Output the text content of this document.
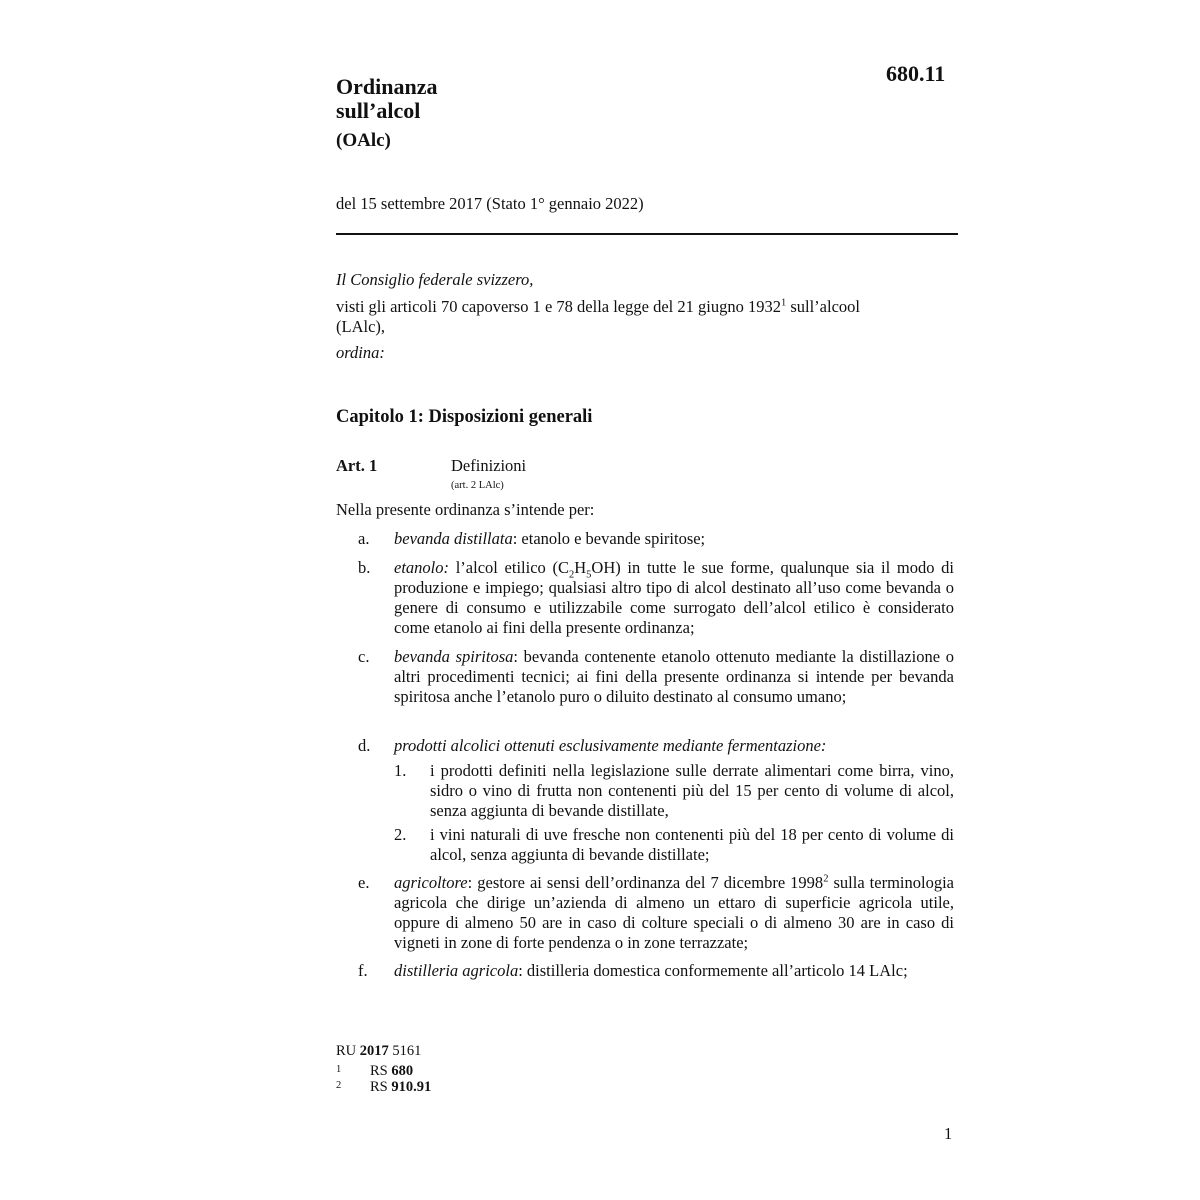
Ordinanza
sull’alcol
(OAlc)
680.11
del 15 settembre 2017 (Stato 1° gennaio 2022)
Il Consiglio federale svizzero,
visti gli articoli 70 capoverso 1 e 78 della legge del 21 giugno 1932$^1$ sull’alcool
(LAlc),
ordina:
Capitolo 1: Disposizioni generali
Art. 1	Definizioni
(art. 2 LAlc)
Nella presente ordinanza s’intende per:
a. bevanda distillata: etanolo e bevande spiritose;
b. etanolo: l’alcol etilico $(C_2H_5OH)$ in tutte le sue forme, qualunque sia il modo di produzione e impiego; qualsiasi altro tipo di alcol destinato all’uso come bevanda o genere di consumo e utilizzabile come surrogato dell’alcol etilico è considerato come etanolo ai fini della presente ordinanza;
c. bevanda spiritosa: bevanda contenente etanolo ottenuto mediante la distillazione o altri procedimenti tecnici; ai fini della presente ordinanza si intende per bevanda spiritosa anche l’etanolo puro o diluito destinato al consumo umano;
d. prodotti alcolici ottenuti esclusivamente mediante fermentazione:
1. i prodotti definiti nella legislazione sulle derrate alimentari come birra, vino, sidro o vino di frutta non contenenti più del 15 per cento di volume di alcol, senza aggiunta di bevande distillate,
2. i vini naturali di uve fresche non contenenti più del 18 per cento di volume di alcol, senza aggiunta di bevande distillate;
e. agricoltore: gestore ai sensi dell’ordinanza del 7 dicembre 1998$^2$ sulla terminologia agricola che dirige un’azienda di almeno un ettaro di superficie agricola utile, oppure di almeno 50 are in caso di colture speciali o di almeno 30 are in caso di vigneti in zone di forte pendenza o in zone terrazzate;
f. distilleria agricola: distilleria domestica conformemente all’articolo 14 LAlc;
RU 2017 5161
1 RS 680
2 RS 910.91
1
